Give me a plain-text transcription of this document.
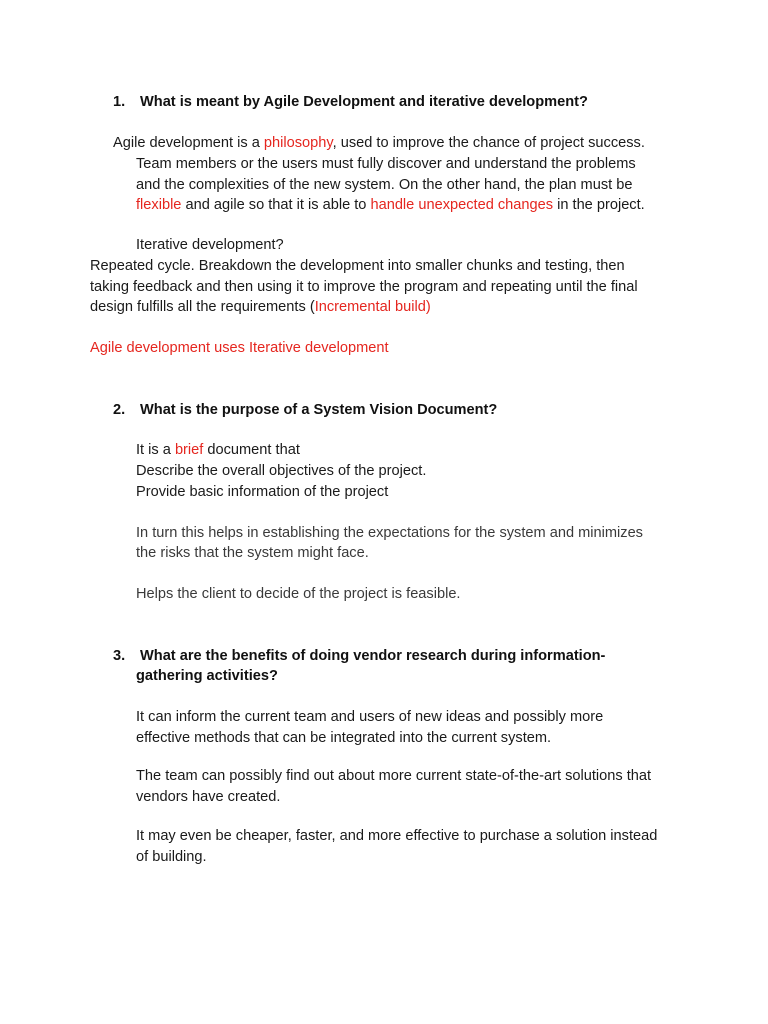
1. What is meant by Agile Development and iterative development?
Agile development is a philosophy, used to improve the chance of project success.
Team members or the users must fully discover and understand the problems
and the complexities of the new system. On the other hand, the plan must be
flexible and agile so that it is able to handle unexpected changes in the project.
Iterative development?
Repeated cycle. Breakdown the development into smaller chunks and testing, then
taking feedback and then using it to improve the program and repeating until the final
design fulfills all the requirements (Incremental build)
Agile development uses Iterative development
2. What is the purpose of a System Vision Document?
It is a brief document that
Describe the overall objectives of the project.
Provide basic information of the project
In turn this helps in establishing the expectations for the system and minimizes
the risks that the system might face.
Helps the client to decide of the project is feasible.
3. What are the benefits of doing vendor research during information-
gathering activities?
It can inform the current team and users of new ideas and possibly more
effective methods that can be integrated into the current system.
The team can possibly find out about more current state-of-the-art solutions that
vendors have created.
It may even be cheaper, faster, and more effective to purchase a solution instead
of building.
